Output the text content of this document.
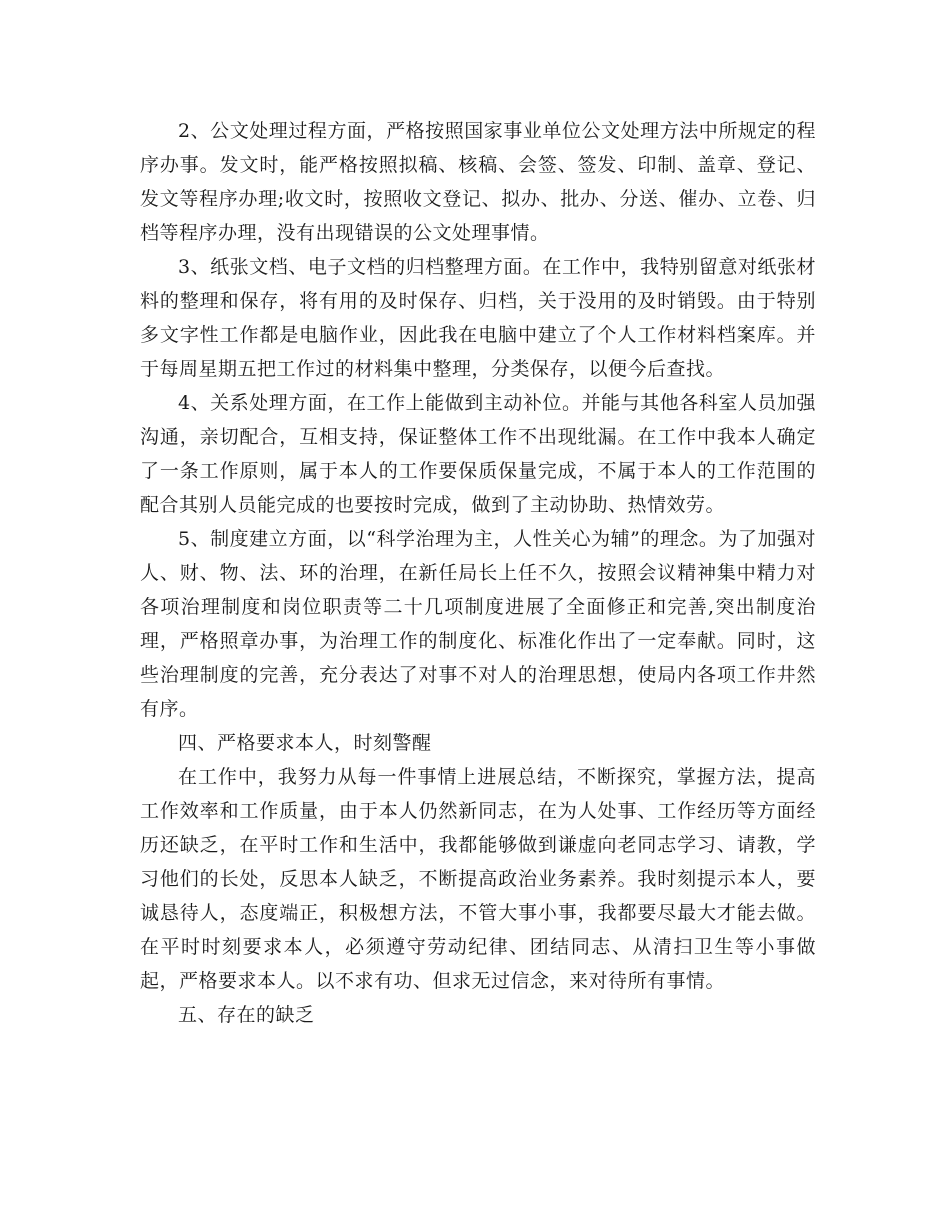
2、公文处理过程方面，严格按照国家事业单位公文处理方法中所规定的程序办事。发文时，能严格按照拟稿、核稿、会签、签发、印制、盖章、登记、发文等程序办理;收文时，按照收文登记、拟办、批办、分送、催办、立卷、归档等程序办理，没有出现错误的公文处理事情。

3、纸张文档、电子文档的归档整理方面。在工作中，我特别留意对纸张材料的整理和保存，将有用的及时保存、归档，关于没用的及时销毁。由于特别多文字性工作都是电脑作业，因此我在电脑中建立了个人工作材料档案库。并于每周星期五把工作过的材料集中整理，分类保存，以便今后查找。

4、关系处理方面，在工作上能做到主动补位。并能与其他各科室人员加强沟通，亲切配合，互相支持，保证整体工作不出现纰漏。在工作中我本人确定了一条工作原则，属于本人的工作要保质保量完成，不属于本人的工作范围的配合其别人员能完成的也要按时完成，做到了主动协助、热情效劳。

5、制度建立方面，以“科学治理为主，人性关心为辅”的理念。为了加强对人、财、物、法、环的治理，在新任局长上任不久，按照会议精神集中精力对各项治理制度和岗位职责等二十几项制度进展了全面修正和完善,突出制度治理，严格照章办事，为治理工作的制度化、标准化作出了一定奉献。同时，这些治理制度的完善，充分表达了对事不对人的治理思想，使局内各项工作井然有序。

四、严格要求本人，时刻警醒

在工作中，我努力从每一件事情上进展总结，不断探究，掌握方法，提高工作效率和工作质量，由于本人仍然新同志，在为人处事、工作经历等方面经历还缺乏，在平时工作和生活中，我都能够做到谦虚向老同志学习、请教，学习他们的长处，反思本人缺乏，不断提高政治业务素养。我时刻提示本人，要诚恳待人，态度端正，积极想方法，不管大事小事，我都要尽最大才能去做。在平时时刻要求本人，必须遵守劳动纪律、团结同志、从清扫卫生等小事做起，严格要求本人。以不求有功、但求无过信念，来对待所有事情。

五、存在的缺乏
